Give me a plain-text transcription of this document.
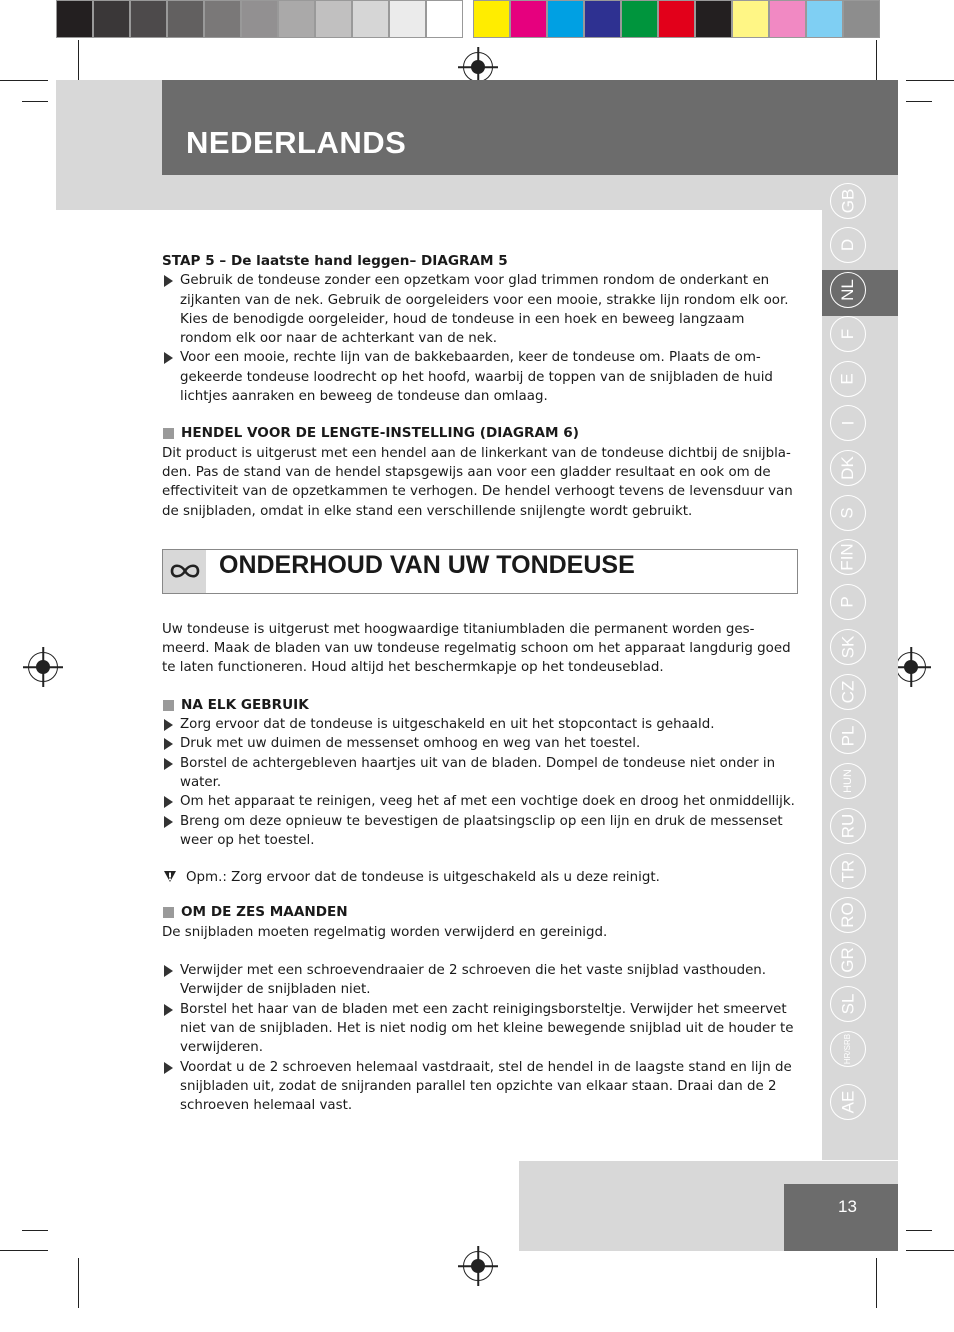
NEDERLANDS
GB
D
NL
F
E
I
DK
S
FIN
P
SK
CZ
PL
HUN
RU
TR
RO
GR
SL
HR/SRB
AE
13
STAP 5 – De laatste hand leggen– DIAGRAM 5
Gebruik de tondeuse zonder een opzetkam voor glad trimmen rondom de onderkant en zijkanten van de nek. Gebruik de oorgeleiders voor een mooie, strakke lijn rondom elk oor. Kies de benodigde oorgeleider, houd de tondeuse in een hoek en beweeg langzaam rondom elk oor naar de achterkant van de nek.
Voor een mooie, rechte lijn van de bakkebaarden, keer de tondeuse om. Plaats de om-gekeerde tondeuse loodrecht op het hoofd, waarbij de toppen van de snijbladen de huid lichtjes aanraken en beweeg de tondeuse dan omlaag.
HENDEL VOOR DE LENGTE-INSTELLING (DIAGRAM 6)
Dit product is uitgerust met een hendel aan de linkerkant van de tondeuse dichtbij de snijbla-den. Pas de stand van de hendel stapsgewijs aan voor een gladder resultaat en ook om de effectiviteit van de opzetkammen te verhogen. De hendel verhoogt tevens de levensduur van de snijbladen, omdat in elke stand een verschillende snijlengte wordt gebruikt.
ONDERHOUD VAN UW TONDEUSE
Uw tondeuse is uitgerust met hoogwaardige titaniumbladen die permanent worden ges-meerd. Maak de bladen van uw tondeuse regelmatig schoon om het apparaat langdurig goed te laten functioneren. Houd altijd het beschermkapje op het tondeuseblad.
NA ELK GEBRUIK
Zorg ervoor dat de tondeuse is uitgeschakeld en uit het stopcontact is gehaald.
Druk met uw duimen de messenset omhoog en weg van het toestel.
Borstel de achtergebleven haartjes uit van de bladen. Dompel de tondeuse niet onder in water.
Om het apparaat te reinigen, veeg het af met een vochtige doek en droog het onmiddellijk.
Breng om deze opnieuw te bevestigen de plaatsingsclip op een lijn en druk de messenset weer op het toestel.
Opm.: Zorg ervoor dat de tondeuse is uitgeschakeld als u deze reinigt.
OM DE ZES MAANDEN
De snijbladen moeten regelmatig worden verwijderd en gereinigd.
Verwijder met een schroevendraaier de 2 schroeven die het vaste snijblad vasthouden. Verwijder de snijbladen niet.
Borstel het haar van de bladen met een zacht reinigingsborsteltje. Verwijder het smeervet niet van de snijbladen. Het is niet nodig om het kleine bewegende snijblad uit de houder te verwijderen.
Voordat u de 2 schroeven helemaal vastdraait, stel de hendel in de laagste stand en lijn de snijbladen uit, zodat de snijranden parallel ten opzichte van elkaar staan. Draai dan de 2 schroeven helemaal vast.
